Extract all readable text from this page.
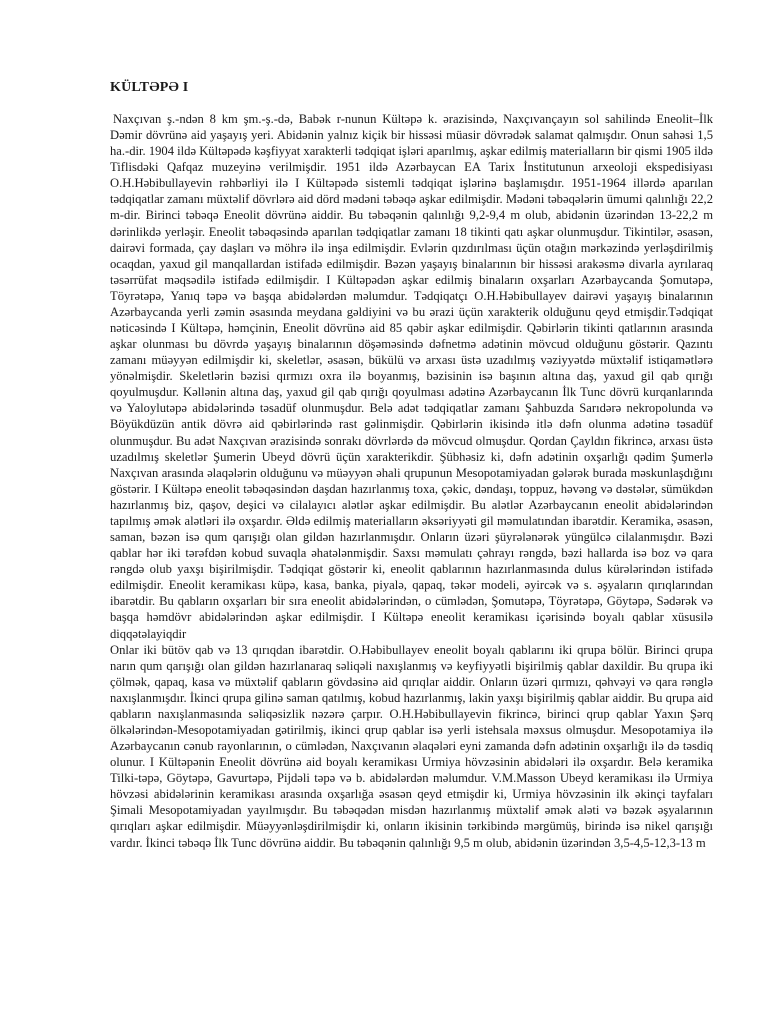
KÜLTƏPƏ I

Naxçıvan ş.-ndən 8 km şm.-ş.-də, Babək r-nunun Kültəpə k. ərazisində, Naxçıvançayın sol sahilində Eneolit–İlk Dəmir dövrünə aid yaşayış yeri. Abidənin yalnız kiçik bir hissəsi müasir dövrədək salamat qalmışdır. Onun sahəsi 1,5 ha.-dir. 1904 ildə Kültəpədə kəşfiyyat xarakterli tədqiqat işləri aparılmış, aşkar edilmiş materialların bir qismi 1905 ildə Tiflisdəki Qafqaz muzeyinə verilmişdir. 1951 ildə Azərbaycan EA Tarix İnstitutunun arxeoloji ekspedisiyası O.H.Həbibullayevin rəhbərliyi ilə I Kültəpədə sistemli tədqiqat işlərinə başlamışdır. 1951-1964 illərdə aparılan tədqiqatlar zamanı müxtəlif dövrlərə aid dörd mədəni təbəqə aşkar edilmişdir. Mədəni təbəqələrin ümumi qalınlığı 22,2 m-dir. Birinci təbəqə Eneolit dövrünə aiddir. Bu təbəqənin qalınlığı 9,2-9,4 m olub, abidənin üzərindən 13-22,2 m dərinlikdə yerləşir. Eneolit təbəqəsində aparılan tədqiqatlar zamanı 18 tikinti qatı aşkar olunmuşdur. Tikintilər, əsasən, dairəvi formada, çay daşları və möhrə ilə inşa edilmişdir. Evlərin qızdırılması üçün otağın mərkəzində yerləşdirilmiş ocaqdan, yaxud gil manqallardan istifadə edilmişdir. Bəzən yaşayış binalarının bir hissəsi arakəsmə divarla ayrılaraq təsərrüfat məqsədilə istifadə edilmişdir. I Kültəpədən aşkar edilmiş binaların oxşarları Azərbaycanda Şomutəpə, Töyrətəpə, Yanıq təpə və başqa abidələrdən məlumdur. Tədqiqatçı O.H.Həbibullayev dairəvi yaşayış binalarının Azərbaycanda yerli zəmin əsasında meydana gəldiyini və bu ərazi üçün xarakterik olduğunu qeyd etmişdir.Tədqiqat nəticəsində I Kültəpə, həmçinin, Eneolit dövrünə aid 85 qəbir aşkar edilmişdir. Qəbirlərin tikinti qatlarının arasında aşkar olunması bu dövrdə yaşayış binalarının döşəməsində dəfnetmə adətinin mövcud olduğunu göstərir. Qazıntı zamanı müəyyən edilmişdir ki, skeletlər, əsasən, bükülü və arxası üstə uzadılmış vəziyyətdə müxtəlif istiqamətlərə yönəlmişdir. Skeletlərin bəzisi qırmızı oxra ilə boyanmış, bəzisinin isə başının altına daş, yaxud gil qab qırığı qoyulmuşdur. Kəllənin altına daş, yaxud gil qab qırığı qoyulması adətinə Azərbaycanın İlk Tunc dövrü kurqanlarında və Yaloylutəpə abidələrində təsadüf olunmuşdur. Belə adət tədqiqatlar zamanı Şahbuzda Sarıdərə nekropolunda və Böyükdüzün antik dövrə aid qəbirlərində rast gəlinmişdir. Qəbirlərin ikisində itlə dəfn olunma adətinə təsadüf olunmuşdur. Bu adət Naxçıvan ərazisində sonrakı dövrlərdə də mövcud olmuşdur. Qordan Çayldın fikrincə, arxası üstə uzadılmış skeletlər Şumerin Ubeyd dövrü üçün xarakterikdir. Şübhəsiz ki, dəfn adətinin oxşarlığı qədim Şumerlə Naxçıvan arasında əlaqələrin olduğunu və müəyyən əhali qrupunun Mesopotamiyadan gələrək burada məskunlaşdığını göstərir. I Kültəpə eneolit təbəqəsindən daşdan hazırlanmış toxa, çəkic, dəndaşı, toppuz, həvəng və dəstələr, sümükdən hazırlanmış biz, qaşov, deşici və cilalayıcı alətlər aşkar edilmişdir. Bu alətlər Azərbaycanın eneolit abidələrindən tapılmış əmək alətləri ilə oxşardır. Əldə edilmiş materialların əksəriyyəti gil məmulatından ibarətdir. Keramika, əsasən, saman, bəzən isə qum qarışığı olan gildən hazırlanmışdır. Onların üzəri şüyrələnərək yüngülcə cilalanmışdır. Bəzi qablar hər iki tərəfdən kobud suvaqla əhatələnmişdir. Saxsı məmulatı çəhrayı rəngdə, bəzi hallarda isə boz və qara rəngdə olub yaxşı bişirilmişdir. Tədqiqat göstərir ki, eneolit qablarının hazırlanmasında dulus kürələrindən istifadə edilmişdir. Eneolit keramikası küpə, kasa, banka, piyalə, qapaq, təkər modeli, əyircək və s. əşyaların qırıqlarından ibarətdir. Bu qabların oxşarları bir sıra eneolit abidələrindən, o cümlədən, Şomutəpə, Töyrətəpə, Göytəpə, Sədərək və başqa həmdövr abidələrindən aşkar edilmişdir. I Kültəpə eneolit keramikası içərisində boyalı qablar xüsusilə diqqətəlayiqdir

Onlar iki bütöv qab və 13 qırıqdan ibarətdir. O.Həbibullayev eneolit boyalı qablarını iki qrupa bölür. Birinci qrupa narın qum qarışığı olan gildən hazırlanaraq səliqəli naxışlanmış və keyfiyyətli bişirilmiş qablar daxildir. Bu qrupa iki çölmək, qapaq, kasa və müxtəlif qabların gövdəsinə aid qırıqlar aiddir. Onların üzəri qırmızı, qəhvəyi və qara rənglə naxışlanmışdır. İkinci qrupa gilinə saman qatılmış, kobud hazırlanmış, lakin yaxşı bişirilmiş qablar aiddir. Bu qrupa aid qabların naxışlanmasında səliqəsizlik nəzərə çarpır. O.H.Həbibullayevin fikrincə, birinci qrup qablar Yaxın Şərq ölkələrindən-Mesopotamiyadan gətirilmiş, ikinci qrup qablar isə yerli istehsala məxsus olmuşdur. Mesopotamiya ilə Azərbaycanın cənub rayonlarının, o cümlədən, Naxçıvanın əlaqələri eyni zamanda dəfn adətinin oxşarlığı ilə də təsdiq olunur. I Kültəpənin Eneolit dövrünə aid boyalı keramikası Urmiya hövzəsinin abidələri ilə oxşardır. Belə keramika Tilki-təpə, Göytəpə, Gavurtəpə, Pijdəli təpə və b. abidələrdən məlumdur. V.M.Masson Ubeyd keramikası ilə Urmiya hövzəsi abidələrinin keramikası arasında oxşarlığa əsasən qeyd etmişdir ki, Urmiya hövzəsinin ilk əkinçi tayfaları Şimali Mesopotamiyadan yayılmışdır. Bu təbəqədən misdən hazırlanmış müxtəlif əmək aləti və bəzək əşyalarının qırıqları aşkar edilmişdir. Müəyyənləşdirilmişdir ki, onların ikisinin tərkibində mərgümüş, birində isə nikel qarışığı vardır. İkinci təbəqə İlk Tunc dövrünə aiddir. Bu təbəqənin qalınlığı 9,5 m olub, abidənin üzərindən 3,5-4,5-12,3-13 m
